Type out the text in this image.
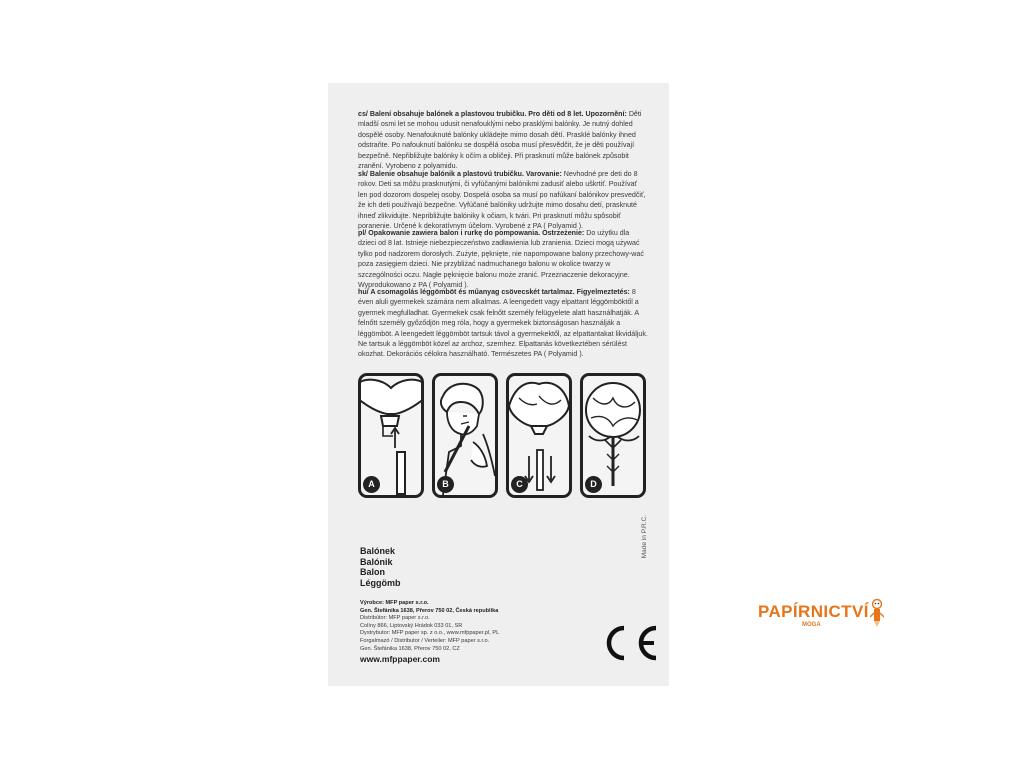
cs/ Balení obsahuje balónek a plastovou trubičku. Pro děti od 8 let. Upozornění: Děti mladší osmi let se mohou udusit nenafouklými nebo prasklými balónky. Je nutný dohled dospělé osoby. Nenafouknuté balónky ukládejte mimo dosah dětí. Prasklé balónky ihned odstraňte. Po nafouknutí balónku se dospělá osoba musí přesvědčit, že je děti používají bezpečně. Nepřibližujte balónky k očím a obličeji. Při prasknutí může balónek způsobit zranění. Vyrobeno z polyamidu.

sk/ Balenie obsahuje balónik a plastovú trubičku. Varovanie: Nevhodné pre deti do 8 rokov. Deti sa môžu prasknutými, či vyfúčanými balónikmi zadusiť alebo uškrtiť. Používať len pod dozorom dospelej osoby. Dospelá osoba sa musí po nafúkaní balónikov presvedčiť, že ich deti používajú bezpečne. Vyfúčané balóniky udržujte mimo dosahu detí, prasknuté ihneď zlikvidujte. Nepribližujte balóniky k očiam, k tvári. Pri prasknutí môžu spôsobiť poranenie. Určené k dekoratívnym účelom. Vyrobené z PA ( Polyamid ).

pl/ Opakowanie zawiera balon i rurkę do pompowania. Ostrzeżenie: Do użytku dla dzieci od 8 lat. Istnieje niebezpieczeństwo zadławienia lub zranienia. Dzieci mogą używać tylko pod nadzorem dorosłych. Zużyte, pęknięte, nie napompowane balony przechowy-wać poza zasięgiem dzieci. Nie przybliżać nadmuchanego balonu w okolice twarzy w szczególności oczu. Nagłe pęknięcie balonu może zranić. Przeznaczenie dekoracyjne. Wyprodukowano z PA ( Polyamid ).

hu/ A csomagolás léggömböt és műanyag csövecskét tartalmaz. Figyelmeztetés: 8 éven aluli gyermekek számára nem alkalmas. A leengedett vagy elpattant léggömböktől a gyermek megfulladhat. Gyermekek csak felnőtt személy felügyelete alatt használhatják. A felnőtt személy győződjön meg róla, hogy a gyermekek biztonságosan használják a léggömböt. A leengedett léggömböt tartsuk távol a gyermekektől, az elpattantakat likvidáljuk. Ne tartsuk a léggömböt közel az archoz, szemhez. Elpattanás következtében sérülést okozhat. Dekorációs célokra használható. Természetes PA ( Polyamid ).

A	B	C	D
Made in P.R.C.
Balónek
Balónik
Balon
Léggömb
Výrobce: MFP paper s.r.o.
Gen. Štefánika 1638, Přerov 750 02, Česká republika
Distribútor: MFP paper s.r.o.
Colíny 866, Liptovský Hrádok 033 01, SR
Dystrybutor: MFP paper sp. z o.o., www.mfppaper.pl, PL
Forgalmazó / Distributor / Verteiler: MFP paper s.r.o.
Gen. Štefánika 1638, Přerov 750 02, CZ
www.mfppaper.com
PAPÍRNICTVÍ
MOGA
